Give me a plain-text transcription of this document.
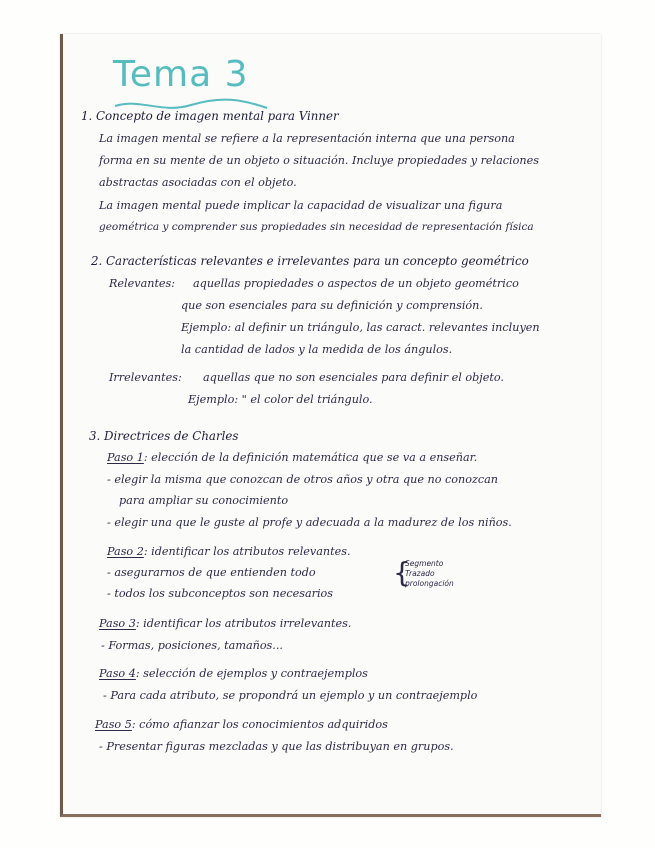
Tema 3
1. Concepto de imagen mental para Vinner
La imagen mental se refiere a la representación interna que una persona
forma en su mente de un objeto o situación. Incluye propiedades y relaciones
abstractas asociadas con el objeto.
La imagen mental puede implicar la capacidad de visualizar una figura
geométrica y comprender sus propiedades sin necesidad de representación física
2. Características relevantes e irrelevantes para un concepto geométrico
Relevantes: aquellas propiedades o aspectos de un objeto geométrico
que son esenciales para su definición y comprensión.
Ejemplo: al definir un triángulo, las caract. relevantes incluyen
la cantidad de lados y la medida de los ángulos.
Irrelevantes: aquellas que no son esenciales para definir el objeto.
Ejemplo: " el color del triángulo.
3. Directrices de Charles
Paso 1: elección de la definición matemática que se va a enseñar.
- elegir la misma que conozcan de otros años y otra que no conozcan
para ampliar su conocimiento
- elegir una que le guste al profe y adecuada a la madurez de los niños.
Paso 2: identificar los atributos relevantes.
- asegurarnos de que entienden todo
- todos los subconceptos son necesarios
{
Segmento
Trazado
prolongación
Paso 3: identificar los atributos irrelevantes.
- Formas, posiciones, tamaños...
Paso 4: selección de ejemplos y contraejemplos
- Para cada atributo, se propondrá un ejemplo y un contraejemplo
Paso 5: cómo afianzar los conocimientos adquiridos
- Presentar figuras mezcladas y que las distribuyan en grupos.
